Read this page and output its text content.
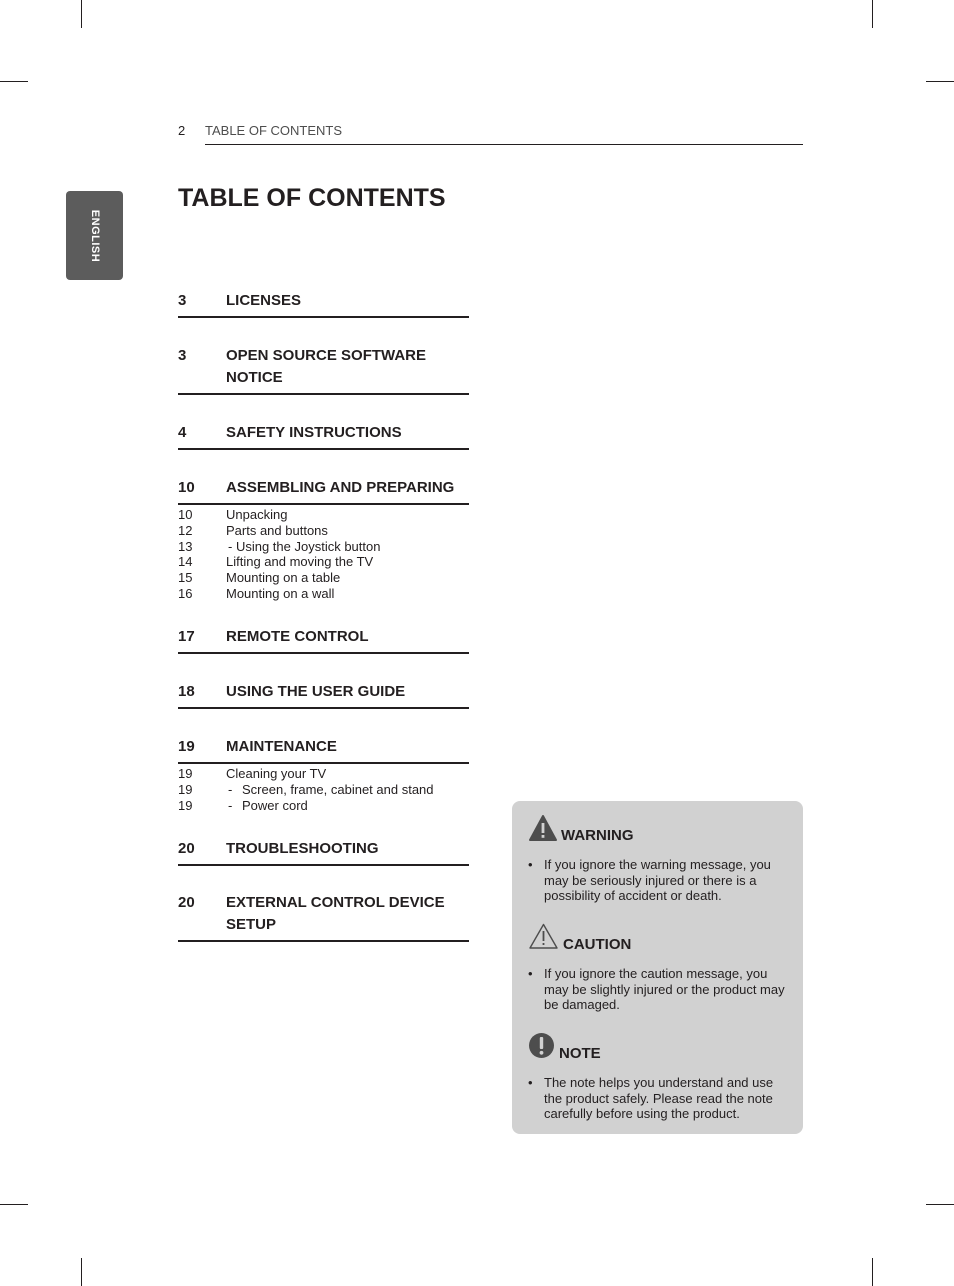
ENGLISH
2 TABLE OF CONTENTS
TABLE OF CONTENTS
3	LICENSES
3	OPEN SOURCE SOFTWARE NOTICE
4	SAFETY INSTRUCTIONS
10 ASSEMBLING AND PREPARING
10	Unpacking
12	Parts and buttons
13	- Using the Joystick button
14	Lifting and moving the TV
15	Mounting on a table
16	Mounting on a wall
17 REMOTE CONTROL
18 USING THE USER GUIDE
19 MAINTENANCE
19	Cleaning your TV
19	- Screen, frame, cabinet and stand
19	- Power cord
20 TROUBLESHOOTING
20 EXTERNAL CONTROL DEVICE SETUP
WARNING
• If you ignore the warning message, you may be seriously injured or there is a possibility of accident or death.
CAUTION
• If you ignore the caution message, you may be slightly injured or the product may be damaged.
NOTE
• The note helps you understand and use the product safely. Please read the note carefully before using the product.
